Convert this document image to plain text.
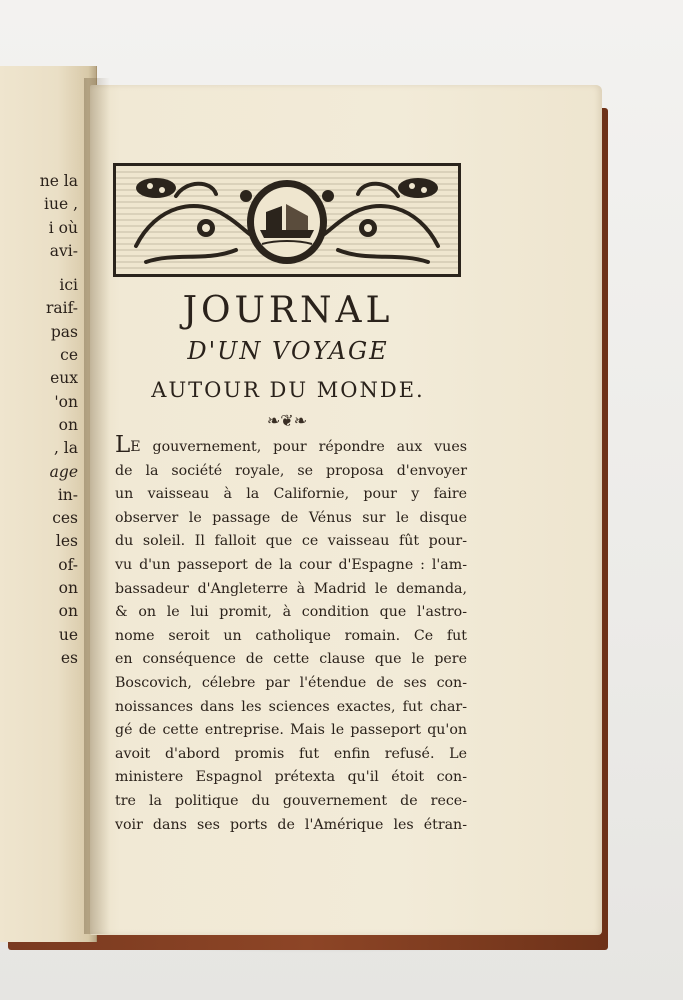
ne la
iue ,
i où
avi-
ici
raif-
pas
ce
eux
'on
on
, la
age
in-
ces
les
of-
on
on
ue
es
JOURNAL
D'UN VOYAGE
AUTOUR DU MONDE.
❧❦❧
LE gouvernement, pour répondre aux vues
de la société royale, se proposa d'envoyer
un vaisseau à la Californie, pour y faire
observer le passage de Vénus sur le disque
du soleil. Il falloit que ce vaisseau fût pour-
vu d'un passeport de la cour d'Espagne : l'am-
bassadeur d'Angleterre à Madrid le demanda,
& on le lui promit, à condition que l'astro-
nome seroit un catholique romain. Ce fut
en conséquence de cette clause que le pere
Boscovich, célebre par l'étendue de ses con-
noissances dans les sciences exactes, fut char-
gé de cette entreprise. Mais le passeport qu'on
avoit d'abord promis fut enfin refusé. Le
ministere Espagnol prétexta qu'il étoit con-
tre la politique du gouvernement de rece-
voir dans ses ports de l'Amérique les étran-
